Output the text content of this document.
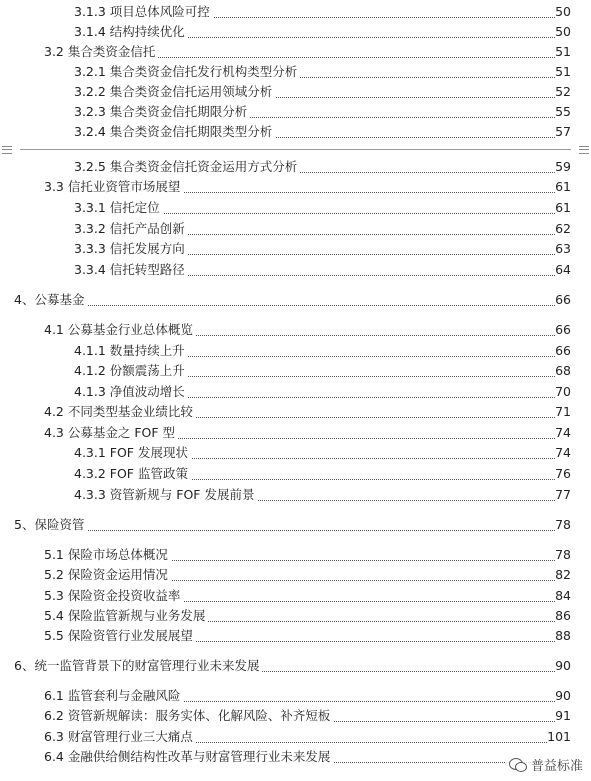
3.1.3 项目总体风险可控	50
3.1.4 结构持续优化	50
3.2 集合类资金信托	51
3.2.1 集合类资金信托发行机构类型分析	51
3.2.2 集合类资金信托运用领域分析	52
3.2.3 集合类资金信托期限分析	55
3.2.4 集合类资金信托期限类型分析	57
3.2.5 集合类资金信托资金运用方式分析	59
3.3 信托业资管市场展望	61
3.3.1 信托定位	61
3.3.2 信托产品创新	62
3.3.3 信托发展方向	63
3.3.4 信托转型路径	64
4、公募基金	66
4.1 公募基金行业总体概览	66
4.1.1 数量持续上升	66
4.1.2 份额震荡上升	68
4.1.3 净值波动增长	70
4.2 不同类型基金业绩比较	71
4.3 公募基金之 FOF 型	74
4.3.1 FOF 发展现状	74
4.3.2 FOF 监管政策	76
4.3.3 资管新规与 FOF 发展前景	77
5、保险资管	78
5.1 保险市场总体概况	78
5.2 保险资金运用情况	82
5.3 保险资金投资收益率	84
5.4 保险监管新规与业务发展	86
5.5 保险资管行业发展展望	88
6、统一监管背景下的财富管理行业未来发展	90
6.1 监管套利与金融风险	90
6.2 资管新规解读：服务实体、化解风险、补齐短板	91
6.3 财富管理行业三大痛点	101
6.4 金融供给侧结构性改革与财富管理行业未来发展
普益标准
